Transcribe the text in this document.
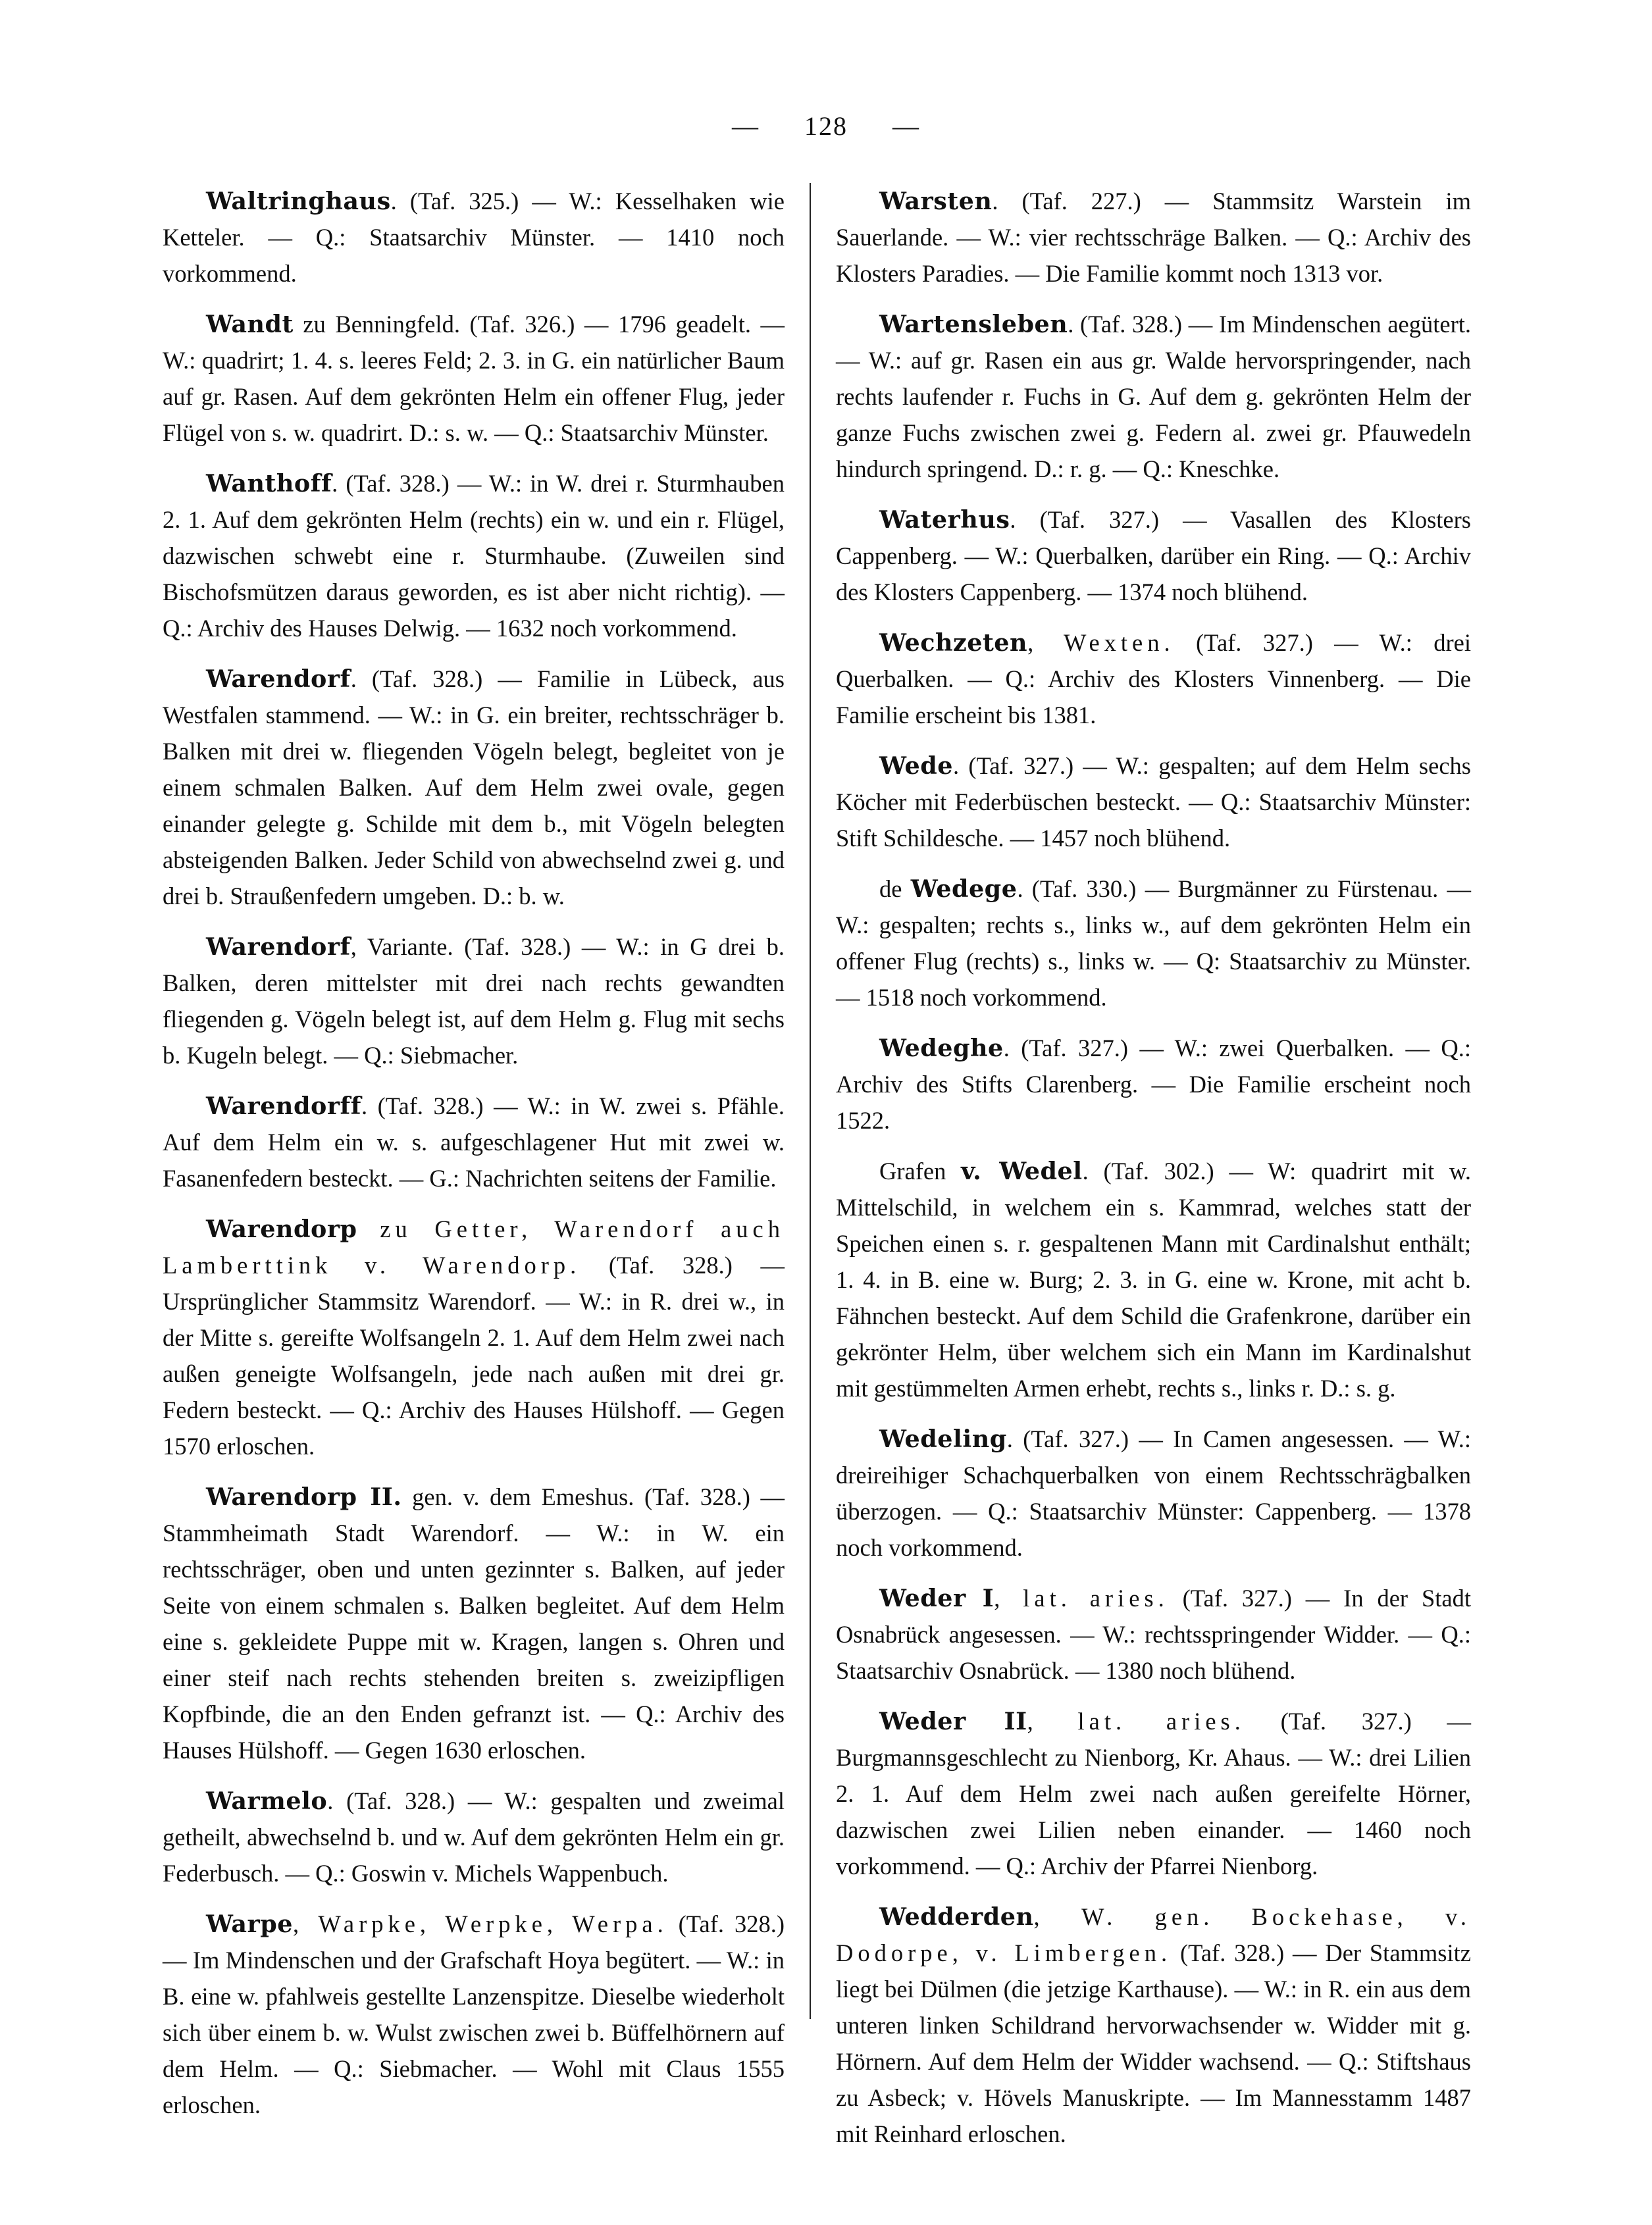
— 128 —

Waltringhaus. (Taf. 325.) — W.: Kesselhaken wie Ketteler. — Q.: Staatsarchiv Münster. — 1410 noch vorkommend.

Wandt zu Benningfeld. (Taf. 326.) — 1796 geadelt. — W.: quadrirt; 1. 4. s. leeres Feld; 2. 3. in G. ein natürlicher Baum auf gr. Rasen. Auf dem gekrönten Helm ein offener Flug, jeder Flügel von s. w. quadrirt. D.: s. w. — Q.: Staatsarchiv Münster.

Wanthoff. (Taf. 328.) — W.: in W. drei r. Sturmhauben 2. 1. Auf dem gekrönten Helm (rechts) ein w. und ein r. Flügel, dazwischen schwebt eine r. Sturmhaube. (Zuweilen sind Bischofsmützen daraus geworden, es ist aber nicht richtig). — Q.: Archiv des Hauses Delwig. — 1632 noch vorkommend.

Warendorf. (Taf. 328.) — Familie in Lübeck, aus Westfalen stammend. — W.: in G. ein breiter, rechtsschräger b. Balken mit drei w. fliegenden Vögeln belegt, begleitet von je einem schmalen Balken. Auf dem Helm zwei ovale, gegen einander gelegte g. Schilde mit dem b., mit Vögeln belegten absteigenden Balken. Jeder Schild von abwechselnd zwei g. und drei b. Straußenfedern umgeben. D.: b. w.

Warendorf, Variante. (Taf. 328.) — W.: in G drei b. Balken, deren mittelster mit drei nach rechts gewandten fliegenden g. Vögeln belegt ist, auf dem Helm g. Flug mit sechs b. Kugeln belegt. — Q.: Siebmacher.

Warendorff. (Taf. 328.) — W.: in W. zwei s. Pfähle. Auf dem Helm ein w. s. aufgeschlagener Hut mit zwei w. Fasanenfedern besteckt. — G.: Nachrichten seitens der Familie.

Warendorp zu Getter, Warendorf auch Lamberttink v. Warendorp. (Taf. 328.) — Ursprünglicher Stammsitz Warendorf. — W.: in R. drei w., in der Mitte s. gereifte Wolfsangeln 2. 1. Auf dem Helm zwei nach außen geneigte Wolfsangeln, jede nach außen mit drei gr. Federn besteckt. — Q.: Archiv des Hauses Hülshoff. — Gegen 1570 erloschen.

Warendorp II. gen. v. dem Emeshus. (Taf. 328.) — Stammheimath Stadt Warendorf. — W.: in W. ein rechtsschräger, oben und unten gezinnter s. Balken, auf jeder Seite von einem schmalen s. Balken begleitet. Auf dem Helm eine s. gekleidete Puppe mit w. Kragen, langen s. Ohren und einer steif nach rechts stehenden breiten s. zweizipfligen Kopfbinde, die an den Enden gefranzt ist. — Q.: Archiv des Hauses Hülshoff. — Gegen 1630 erloschen.

Warmelo. (Taf. 328.) — W.: gespalten und zweimal getheilt, abwechselnd b. und w. Auf dem gekrönten Helm ein gr. Federbusch. — Q.: Goswin v. Michels Wappenbuch.

Warpe, Warpke, Werpke, Werpa. (Taf. 328.) — Im Mindenschen und der Grafschaft Hoya begütert. — W.: in B. eine w. pfahlweis gestellte Lanzenspitze. Dieselbe wiederholt sich über einem b. w. Wulst zwischen zwei b. Büffelhörnern auf dem Helm. — Q.: Siebmacher. — Wohl mit Claus 1555 erloschen.

Warsten. (Taf. 227.) — Stammsitz Warstein im Sauerlande. — W.: vier rechtsschräge Balken. — Q.: Archiv des Klosters Paradies. — Die Familie kommt noch 1313 vor.

Wartensleben. (Taf. 328.) — Im Mindenschen aegütert. — W.: auf gr. Rasen ein aus gr. Walde hervorspringender, nach rechts laufender r. Fuchs in G. Auf dem g. gekrönten Helm der ganze Fuchs zwischen zwei g. Federn al. zwei gr. Pfauwedeln hindurch springend. D.: r. g. — Q.: Kneschke.

Waterhus. (Taf. 327.) — Vasallen des Klosters Cappenberg. — W.: Querbalken, darüber ein Ring. — Q.: Archiv des Klosters Cappenberg. — 1374 noch blühend.

Wechzeten, Wexten. (Taf. 327.) — W.: drei Querbalken. — Q.: Archiv des Klosters Vinnenberg. — Die Familie erscheint bis 1381.

Wede. (Taf. 327.) — W.: gespalten; auf dem Helm sechs Köcher mit Federbüschen besteckt. — Q.: Staatsarchiv Münster: Stift Schildesche. — 1457 noch blühend.

de Wedege. (Taf. 330.) — Burgmänner zu Fürstenau. — W.: gespalten; rechts s., links w., auf dem gekrönten Helm ein offener Flug (rechts) s., links w. — Q: Staatsarchiv zu Münster. — 1518 noch vorkommend.

Wedeghe. (Taf. 327.) — W.: zwei Querbalken. — Q.: Archiv des Stifts Clarenberg. — Die Familie erscheint noch 1522.

Grafen v. Wedel. (Taf. 302.) — W: quadrirt mit w. Mittelschild, in welchem ein s. Kammrad, welches statt der Speichen einen s. r. gespaltenen Mann mit Cardinalshut enthält; 1. 4. in B. eine w. Burg; 2. 3. in G. eine w. Krone, mit acht b. Fähnchen besteckt. Auf dem Schild die Grafenkrone, darüber ein gekrönter Helm, über welchem sich ein Mann im Kardinalshut mit gestümmelten Armen erhebt, rechts s., links r. D.: s. g.

Wedeling. (Taf. 327.) — In Camen angesessen. — W.: dreireihiger Schachquerbalken von einem Rechtsschrägbalken überzogen. — Q.: Staatsarchiv Münster: Cappenberg. — 1378 noch vorkommend.

Weder I, lat. aries. (Taf. 327.) — In der Stadt Osnabrück angesessen. — W.: rechtsspringender Widder. — Q.: Staatsarchiv Osnabrück. — 1380 noch blühend.

Weder II, lat. aries. (Taf. 327.) — Burgmannsgeschlecht zu Nienborg, Kr. Ahaus. — W.: drei Lilien 2. 1. Auf dem Helm zwei nach außen gereifelte Hörner, dazwischen zwei Lilien neben einander. — 1460 noch vorkommend. — Q.: Archiv der Pfarrei Nienborg.

Wedderden, W. gen. Bockehase, v. Dodorpe, v. Limbergen. (Taf. 328.) — Der Stammsitz liegt bei Dülmen (die jetzige Karthause). — W.: in R. ein aus dem unteren linken Schildrand hervorwachsender w. Widder mit g. Hörnern. Auf dem Helm der Widder wachsend. — Q.: Stiftshaus zu Asbeck; v. Hövels Manuskripte. — Im Mannesstamm 1487 mit Reinhard erloschen.
